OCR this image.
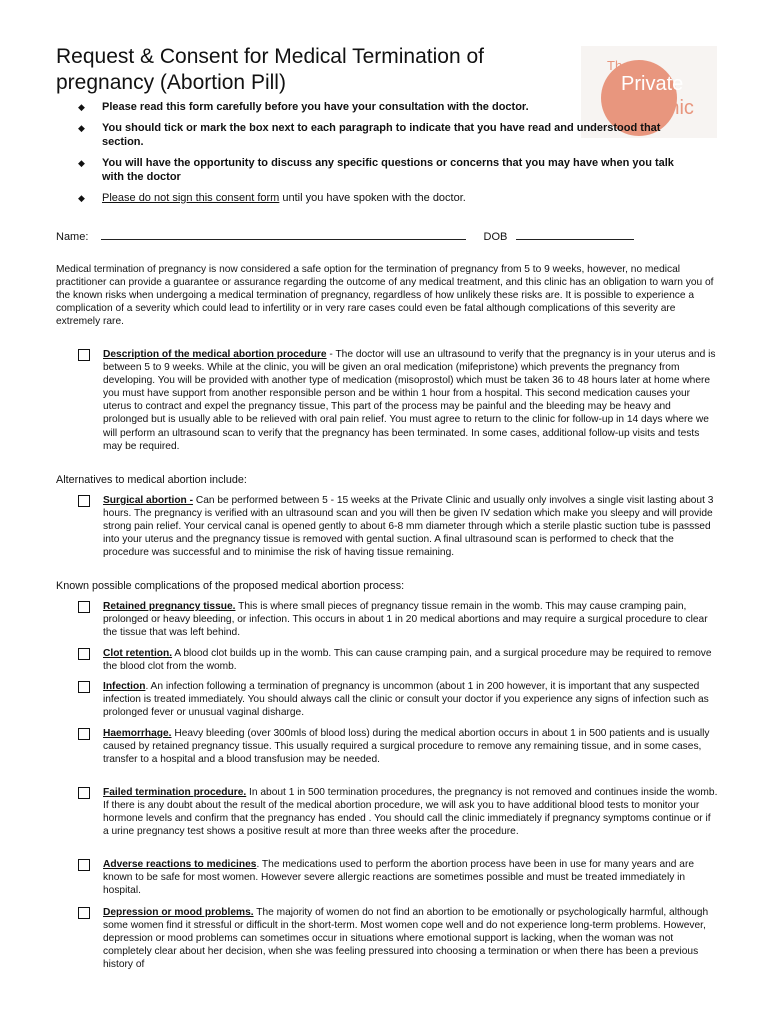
Request & Consent for Medical Termination of pregnancy (Abortion Pill)
The
Private
Clinic
◆ Please read this form carefully before you have your consultation with the doctor.
◆ You should tick or mark the box next to each paragraph to indicate that you have read and understood that section.
◆ You will have the opportunity to discuss any specific questions or concerns that you may have when you talk with the doctor
◆ Please do not sign this consent form until you have spoken with the doctor.
Name:	DOB

Medical termination of pregnancy is now considered a safe option for the termination of pregnancy from 5 to 9 weeks, however, no medical practitioner can provide a guarantee or assurance regarding the outcome of any medical treatment, and this clinic has an obligation to warn you of the known risks when undergoing a medical termination of pregnancy, regardless of how unlikely these risks are. It is possible to experience a complication of a severity which could lead to infertility or in very rare cases could even be fatal although complications of this severity are extremely rare.

Description of the medical abortion procedure - The doctor will use an ultrasound to verify that the pregnancy is in your uterus and is between 5 to 9 weeks. While at the clinic, you will be given an oral medication (mifepristone) which prevents the pregnancy from developing. You will be provided with another type of medication (misoprostol) which must be taken 36 to 48 hours later at home where you must have support from another responsible person and be within 1 hour from a hospital. This second medication causes your uterus to contract and expel the pregnancy tissue, This part of the process may be painful and the bleeding may be heavy and prolonged but is usually able to be relieved with oral pain relief. You must agree to return to the clinic for follow-up in 14 days where we will perform an ultrasound scan to verify that the pregnancy has been terminated. In some cases, additional follow-up visits and tests may be required.

Alternatives to medical abortion include:

Surgical abortion - Can be performed between 5 - 15 weeks at the Private Clinic and usually only involves a single visit lasting about 3 hours. The pregnancy is verified with an ultrasound scan and you will then be given IV sedation which make you sleepy and will provide strong pain relief. Your cervical canal is opened gently to about 6-8 mm diameter through which a sterile plastic suction tube is passsed into your uterus and the pregnancy tissue is removed with gental suction. A final ultrasound scan is performed to check that the procedure was successful and to minimise the risk of having tissue remaining.

Known possible complications of the proposed medical abortion process:

Retained pregnancy tissue. This is where small pieces of pregnancy tissue remain in the womb. This may cause cramping pain, prolonged or heavy bleeding, or infection. This occurs in about 1 in 20 medical abortions and may require a surgical procedure to clear the tissue that was left behind.

Clot retention. A blood clot builds up in the womb. This can cause cramping pain, and a surgical procedure may be required to remove the blood clot from the womb.

Infection. An infection following a termination of pregnancy is uncommon (about 1 in 200 however, it is important that any suspected infection is treated immediately. You should always call the clinic or consult your doctor if you experience any signs of infection such as prolonged fever or unusual vaginal disharge.

Haemorrhage. Heavy bleeding (over 300mls of blood loss) during the medical abortion occurs in about 1 in 500 patients and is usually caused by retained pregnancy tissue. This usually required a surgical procedure to remove any remaining tissue, and in some cases, transfer to a hospital and a blood transfusion may be needed.

Failed termination procedure. In about 1 in 500 termination procedures, the pregnancy is not removed and continues inside the womb. If there is any doubt about the result of the medical abortion procedure, we will ask you to have additional blood tests to monitor your hormone levels and confirm that the pregnancy has ended . You should call the clinic immediately if pregnancy symptoms continue or if a urine pregnancy test shows a positive result at more than three weeks after the procedure.

Adverse reactions to medicines. The medications used to perform the abortion process have been in use for many years and are known to be safe for most women. However severe allergic reactions are sometimes possible and must be treated immediately in hospital.

Depression or mood problems. The majority of women do not find an abortion to be emotionally or psychologically harmful, although some women find it stressful or difficult in the short-term. Most women cope well and do not experience long-term problems. However, depression or mood problems can sometimes occur in situations where emotional support is lacking, when the woman was not completely clear about her decision, when she was feeling pressured into choosing a termination or when there has been a previous history of
